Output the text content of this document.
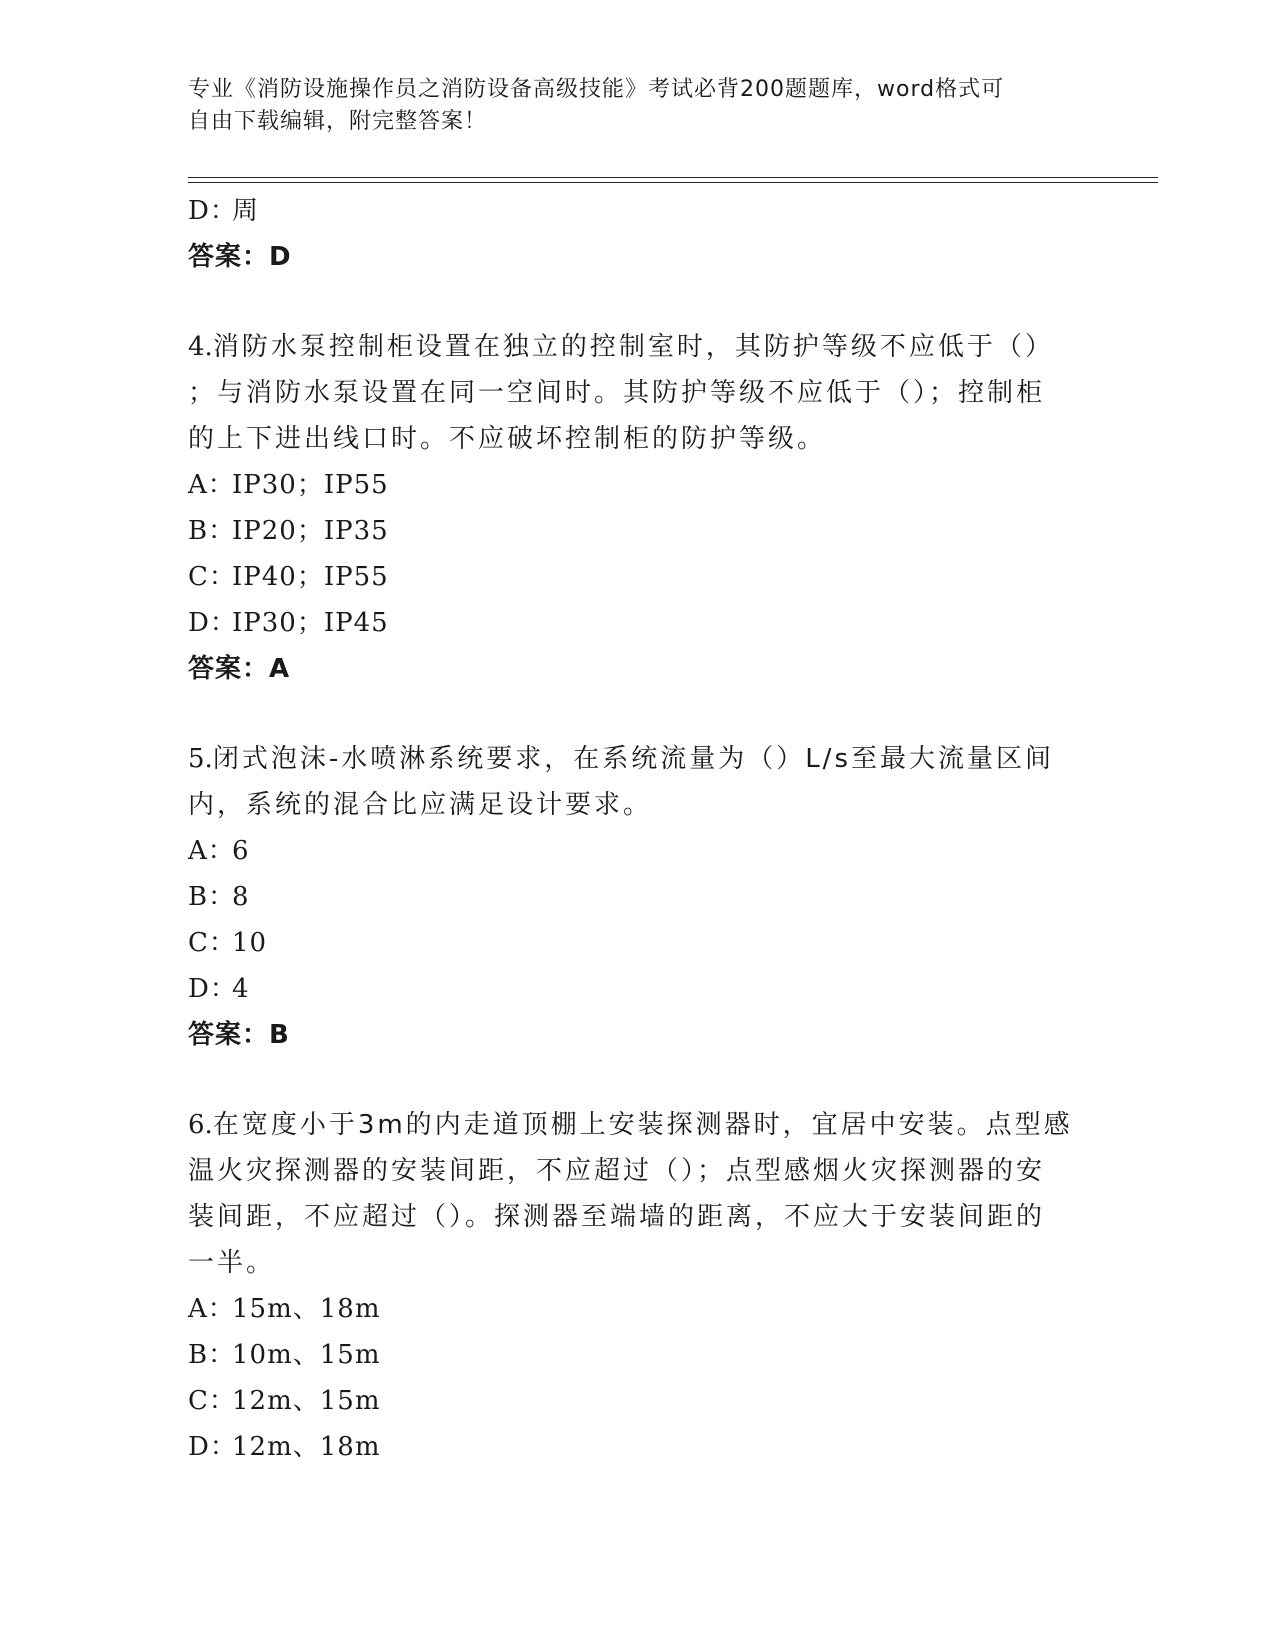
专业《消防设施操作员之消防设备高级技能》考试必背200题题库，word格式可
自由下载编辑，附完整答案！
D：周
答案：D
4.消防水泵控制柜设置在独立的控制室时，其防护等级不应低于（）
；与消防水泵设置在同一空间时。其防护等级不应低于（）；控制柜
的上下进出线口时。不应破坏控制柜的防护等级。
A：IP30；IP55
B：IP20；IP35
C：IP40；IP55
D：IP30；IP45
答案：A
5.闭式泡沫-水喷淋系统要求，在系统流量为（）L/s至最大流量区间
内，系统的混合比应满足设计要求。
A：6
B：8
C：10
D：4
答案：B
6.在宽度小于3m的内走道顶棚上安装探测器时，宜居中安装。点型感
温火灾探测器的安装间距，不应超过（）；点型感烟火灾探测器的安
装间距，不应超过（）。探测器至端墙的距离，不应大于安装间距的
一半。
A：15m、18m
B：10m、15m
C：12m、15m
D：12m、18m
